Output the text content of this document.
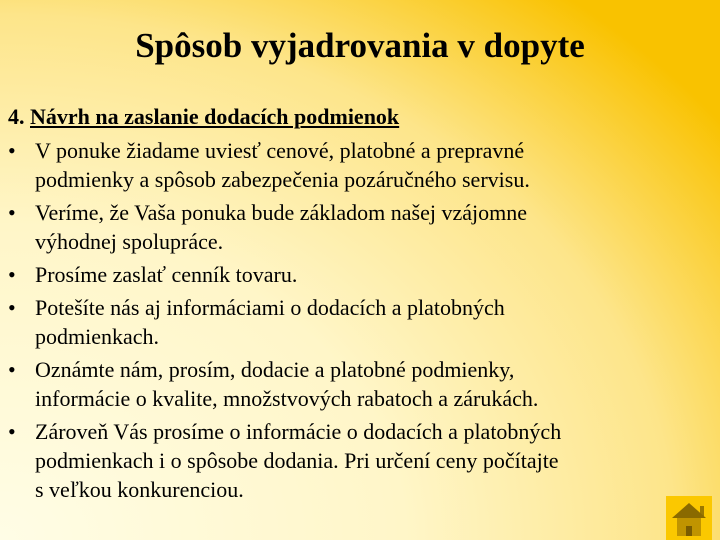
Spôsob vyjadrovania v dopyte
4. Návrh na zaslanie dodacích podmienok
• V ponuke žiadame uviesť cenové, platobné a prepravné
podmienky a spôsob zabezpečenia pozáručného servisu.
• Veríme, že Vaša ponuka bude základom našej vzájomne
výhodnej spolupráce.
• Prosíme zaslať cenník tovaru.
• Potešíte nás aj informáciami o dodacích a platobných
podmienkach.
• Oznámte nám, prosím, dodacie a platobné podmienky,
informácie o kvalite, množstvových rabatoch a zárukách.
• Zároveň Vás prosíme o informácie o dodacích a platobných
podmienkach i o spôsobe dodania. Pri určení ceny počítajte
s veľkou konkurenciou.
